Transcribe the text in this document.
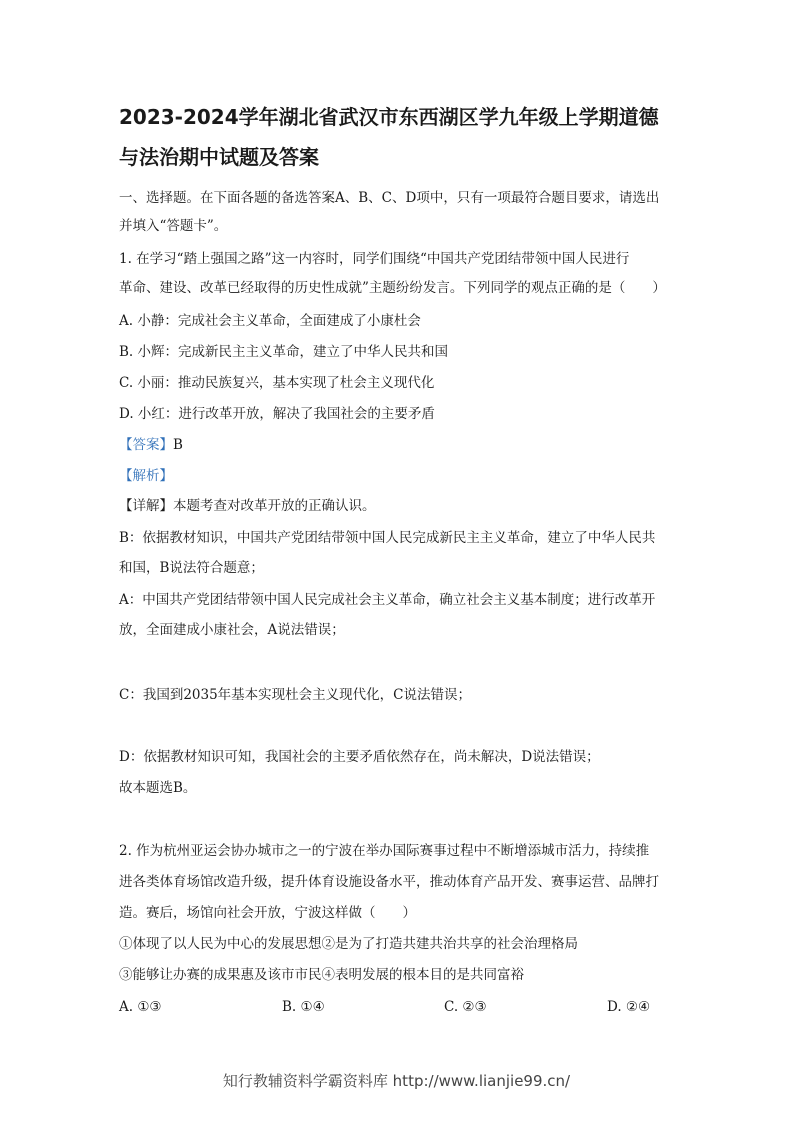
2023-2024学年湖北省武汉市东西湖区学九年级上学期道德
与法治期中试题及答案
一、选择题。在下面各题的备选答案A、B、C、D项中，只有一项最符合题目要求，请选出
并填入“答题卡”。
1. 在学习“踏上强国之路”这一内容时，同学们围绕“中国共产党团结带领中国人民进行
革命、建设、改革已经取得的历史性成就”主题纷纷发言。下列同学的观点正确的是（　　）
A. 小静：完成社会主义革命，全面建成了小康杜会
B. 小辉：完成新民主主义革命，建立了中华人民共和国
C. 小丽：推动民族复兴，基本实现了杜会主义现代化
D. 小红：进行改革开放，解决了我国社会的主要矛盾
【答案】B
【解析】
【详解】本题考查对改革开放的正确认识。
B：依据教材知识，中国共产党团结带领中国人民完成新民主主义革命，建立了中华人民共
和国，B说法符合题意；
A：中国共产党团结带领中国人民完成社会主义革命，确立社会主义基本制度；进行改革开
放，全面建成小康社会，A说法错误；
C：我国到2035年基本实现杜会主义现代化，C说法错误；
D：依据教材知识可知，我国社会的主要矛盾依然存在，尚未解决，D说法错误；
故本题选B。
2. 作为杭州亚运会协办城市之一的宁波在举办国际赛事过程中不断增添城市活力，持续推
进各类体育场馆改造升级，提升体育设施设备水平，推动体育产品开发、赛事运营、品牌打
造。赛后，场馆向社会开放，宁波这样做（　　）
①体现了以人民为中心的发展思想②是为了打造共建共治共享的社会治理格局
③能够让办赛的成果惠及该市市民④表明发展的根本目的是共同富裕
A. ①③	B. ①④	C. ②③	D. ②④
知行教辅资料学霸资料库 http://www.lianjie99.cn/
